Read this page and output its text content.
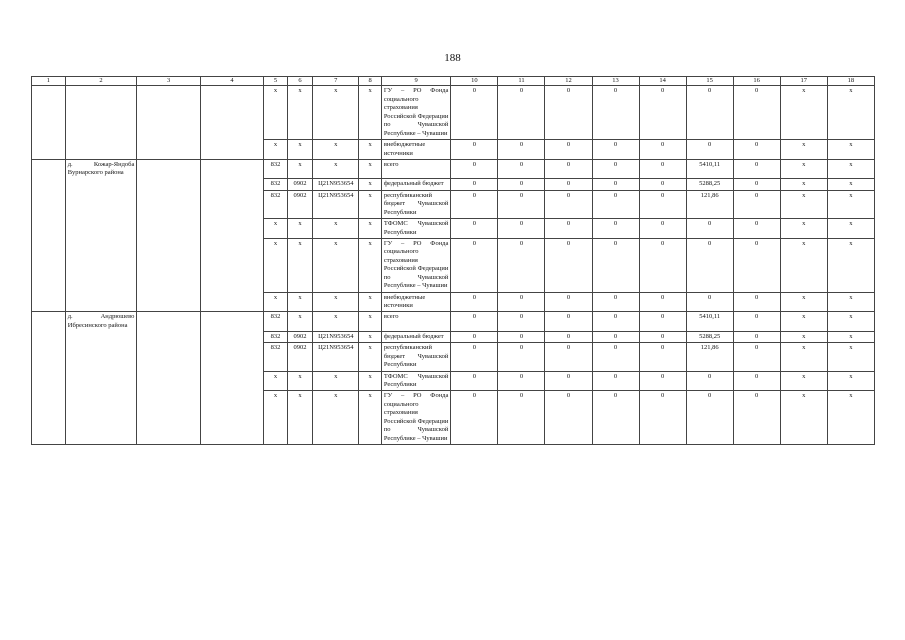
188
1	2	3	4	5	6	7	8	9	10	11	12	13	14	15	16	17	18
				x	x	x	x	ГУ – РО Фонда социального страхования Российской Федерации по Чувашской Республике – Чувашии	0	0	0	0	0	0	0	x	x
				x	x	x	x	внебюджетные источники	0	0	0	0	0	0	0	x	x
	д. Кожар-Яндоба Вурнарского района			832	x	x	x	всего	0	0	0	0	0	5410,11	0	x	x
				832	0902	Ц21N953654	x	федеральный бюджет	0	0	0	0	0	5288,25	0	x	x
				832	0902	Ц21N953654	x	республиканский бюджет Чувашской Республики	0	0	0	0	0	121,86	0	x	x
				x	x	x	x	ТФОМС Чувашской Республики	0	0	0	0	0	0	0	x	x
				x	x	x	x	ГУ – РО Фонда социального страхования Российской Федерации по Чувашской Республике – Чувашии	0	0	0	0	0	0	0	x	x
				x	x	x	x	внебюджетные источники	0	0	0	0	0	0	0	x	x
	д. Андрюшево Ибресинского района			832	x	x	x	всего	0	0	0	0	0	5410,11	0	x	x
				832	0902	Ц21N953654	x	федеральный бюджет	0	0	0	0	0	5288,25	0	x	x
				832	0902	Ц21N953654	x	республиканский бюджет Чувашской Республики	0	0	0	0	0	121,86	0	x	x
				x	x	x	x	ТФОМС Чувашской Республики	0	0	0	0	0	0	0	x	x
				x	x	x	x	ГУ – РО Фонда социального страхования Российской Федерации по Чувашской Республике – Чувашии	0	0	0	0	0	0	0	x	x
